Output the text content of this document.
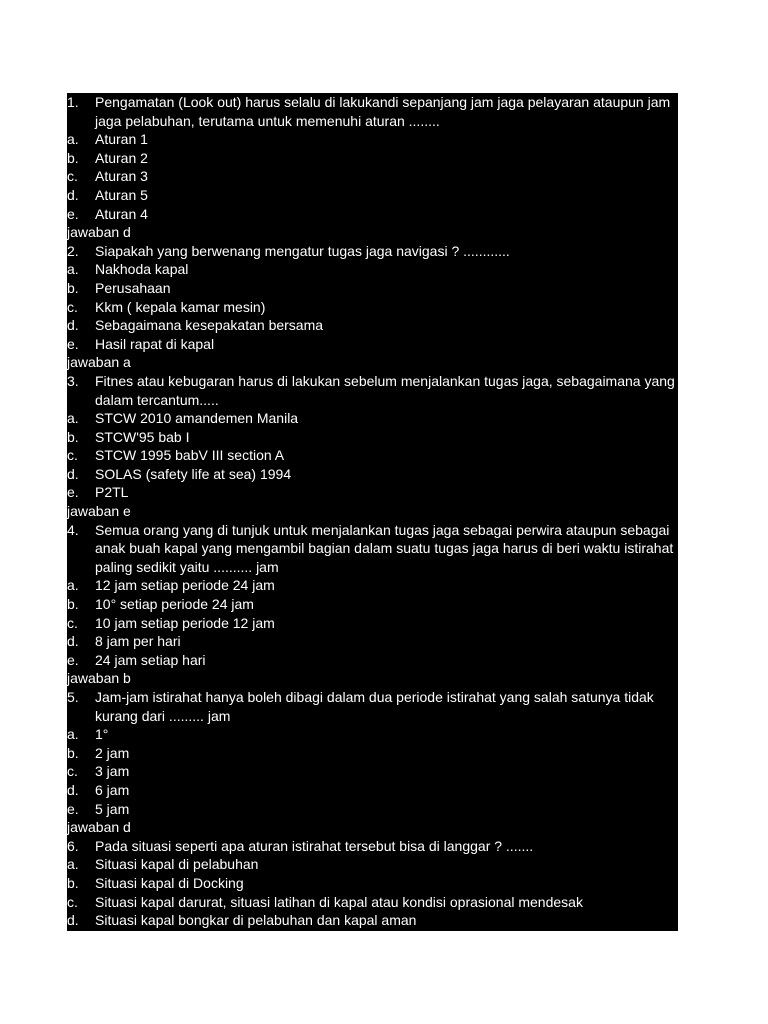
1.	Pengamatan (Look out) harus selalu di lakukandi sepanjang jam jaga pelayaran ataupun jam jaga pelabuhan, terutama untuk memenuhi aturan ........
a.	Aturan 1
b.	Aturan 2
c.	Aturan 3
d.	Aturan 5
e.	Aturan 4
jawaban d
2.	Siapakah yang berwenang mengatur tugas jaga navigasi ? ............
a.	Nakhoda kapal
b.	Perusahaan
c.	Kkm ( kepala kamar mesin)
d.	Sebagaimana kesepakatan bersama
e.	Hasil rapat di kapal
jawaban a
3.	Fitnes atau kebugaran harus di lakukan sebelum menjalankan tugas jaga, sebagaimana yang dalam tercantum.....
a.	STCW 2010 amandemen Manila
b.	STCW'95 bab I
c.	STCW 1995 babV III section A
d.	SOLAS (safety life at sea) 1994
e.	P2TL
jawaban e
4.	Semua orang yang di tunjuk untuk menjalankan tugas jaga sebagai perwira ataupun sebagai anak buah kapal yang mengambil bagian dalam suatu tugas jaga harus di beri waktu istirahat paling sedikit yaitu .......... jam
a.	12 jam setiap periode 24 jam
b.	10° setiap periode 24 jam
c.	10 jam setiap periode 12 jam
d.	8 jam per hari
e.	24 jam setiap hari
jawaban b
5.	Jam-jam istirahat hanya boleh dibagi dalam dua periode istirahat yang salah satunya tidak kurang dari ......... jam
a.	1°
b.	2 jam
c.	3 jam
d.	6 jam
e.	5 jam
jawaban d
6.	Pada situasi seperti apa aturan istirahat tersebut bisa di langgar ? .......
a.	Situasi kapal di pelabuhan
b.	Situasi kapal di Docking
c.	Situasi kapal darurat, situasi latihan di kapal atau kondisi oprasional mendesak
d.	Situasi kapal bongkar di pelabuhan dan kapal aman
